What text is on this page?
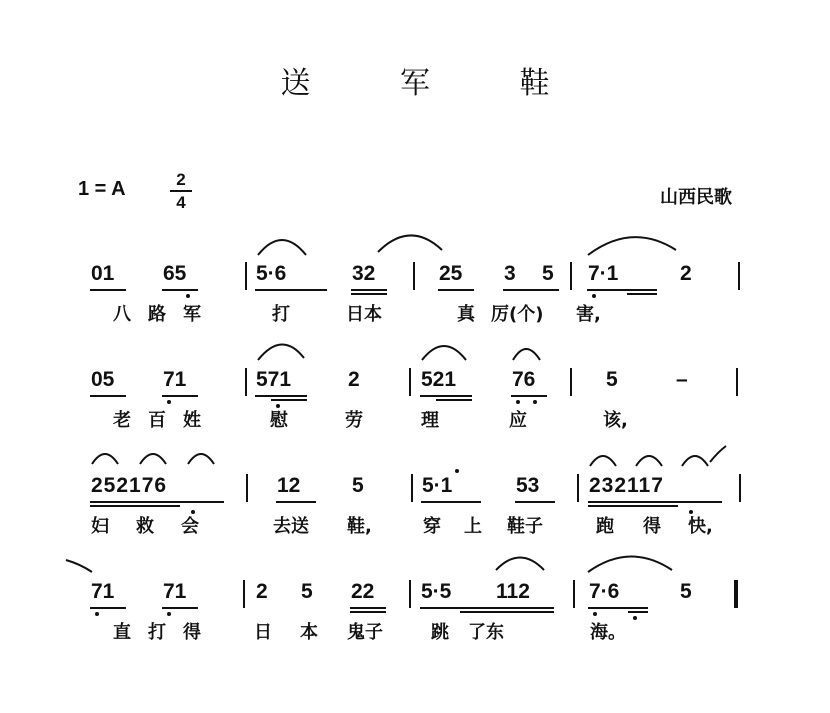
送 军 鞋
1 = A	2
4	山西民歌
01 65	5·6	32	25 3 5 7·1	2
八 路 军	打	日本	真 厉(个) 害,
05 71	571	2	521	76	5	–
老 百 姓	慰	劳	理	应	该,
252176	12 5	5·1	53 232117
妇 救 会	去送 鞋,	穿 上 鞋子	跑 得 快,
71 71	2 5 22 5·5 112	7·6	5
直 打 得	日 本 鬼子	跳 了东	海。
